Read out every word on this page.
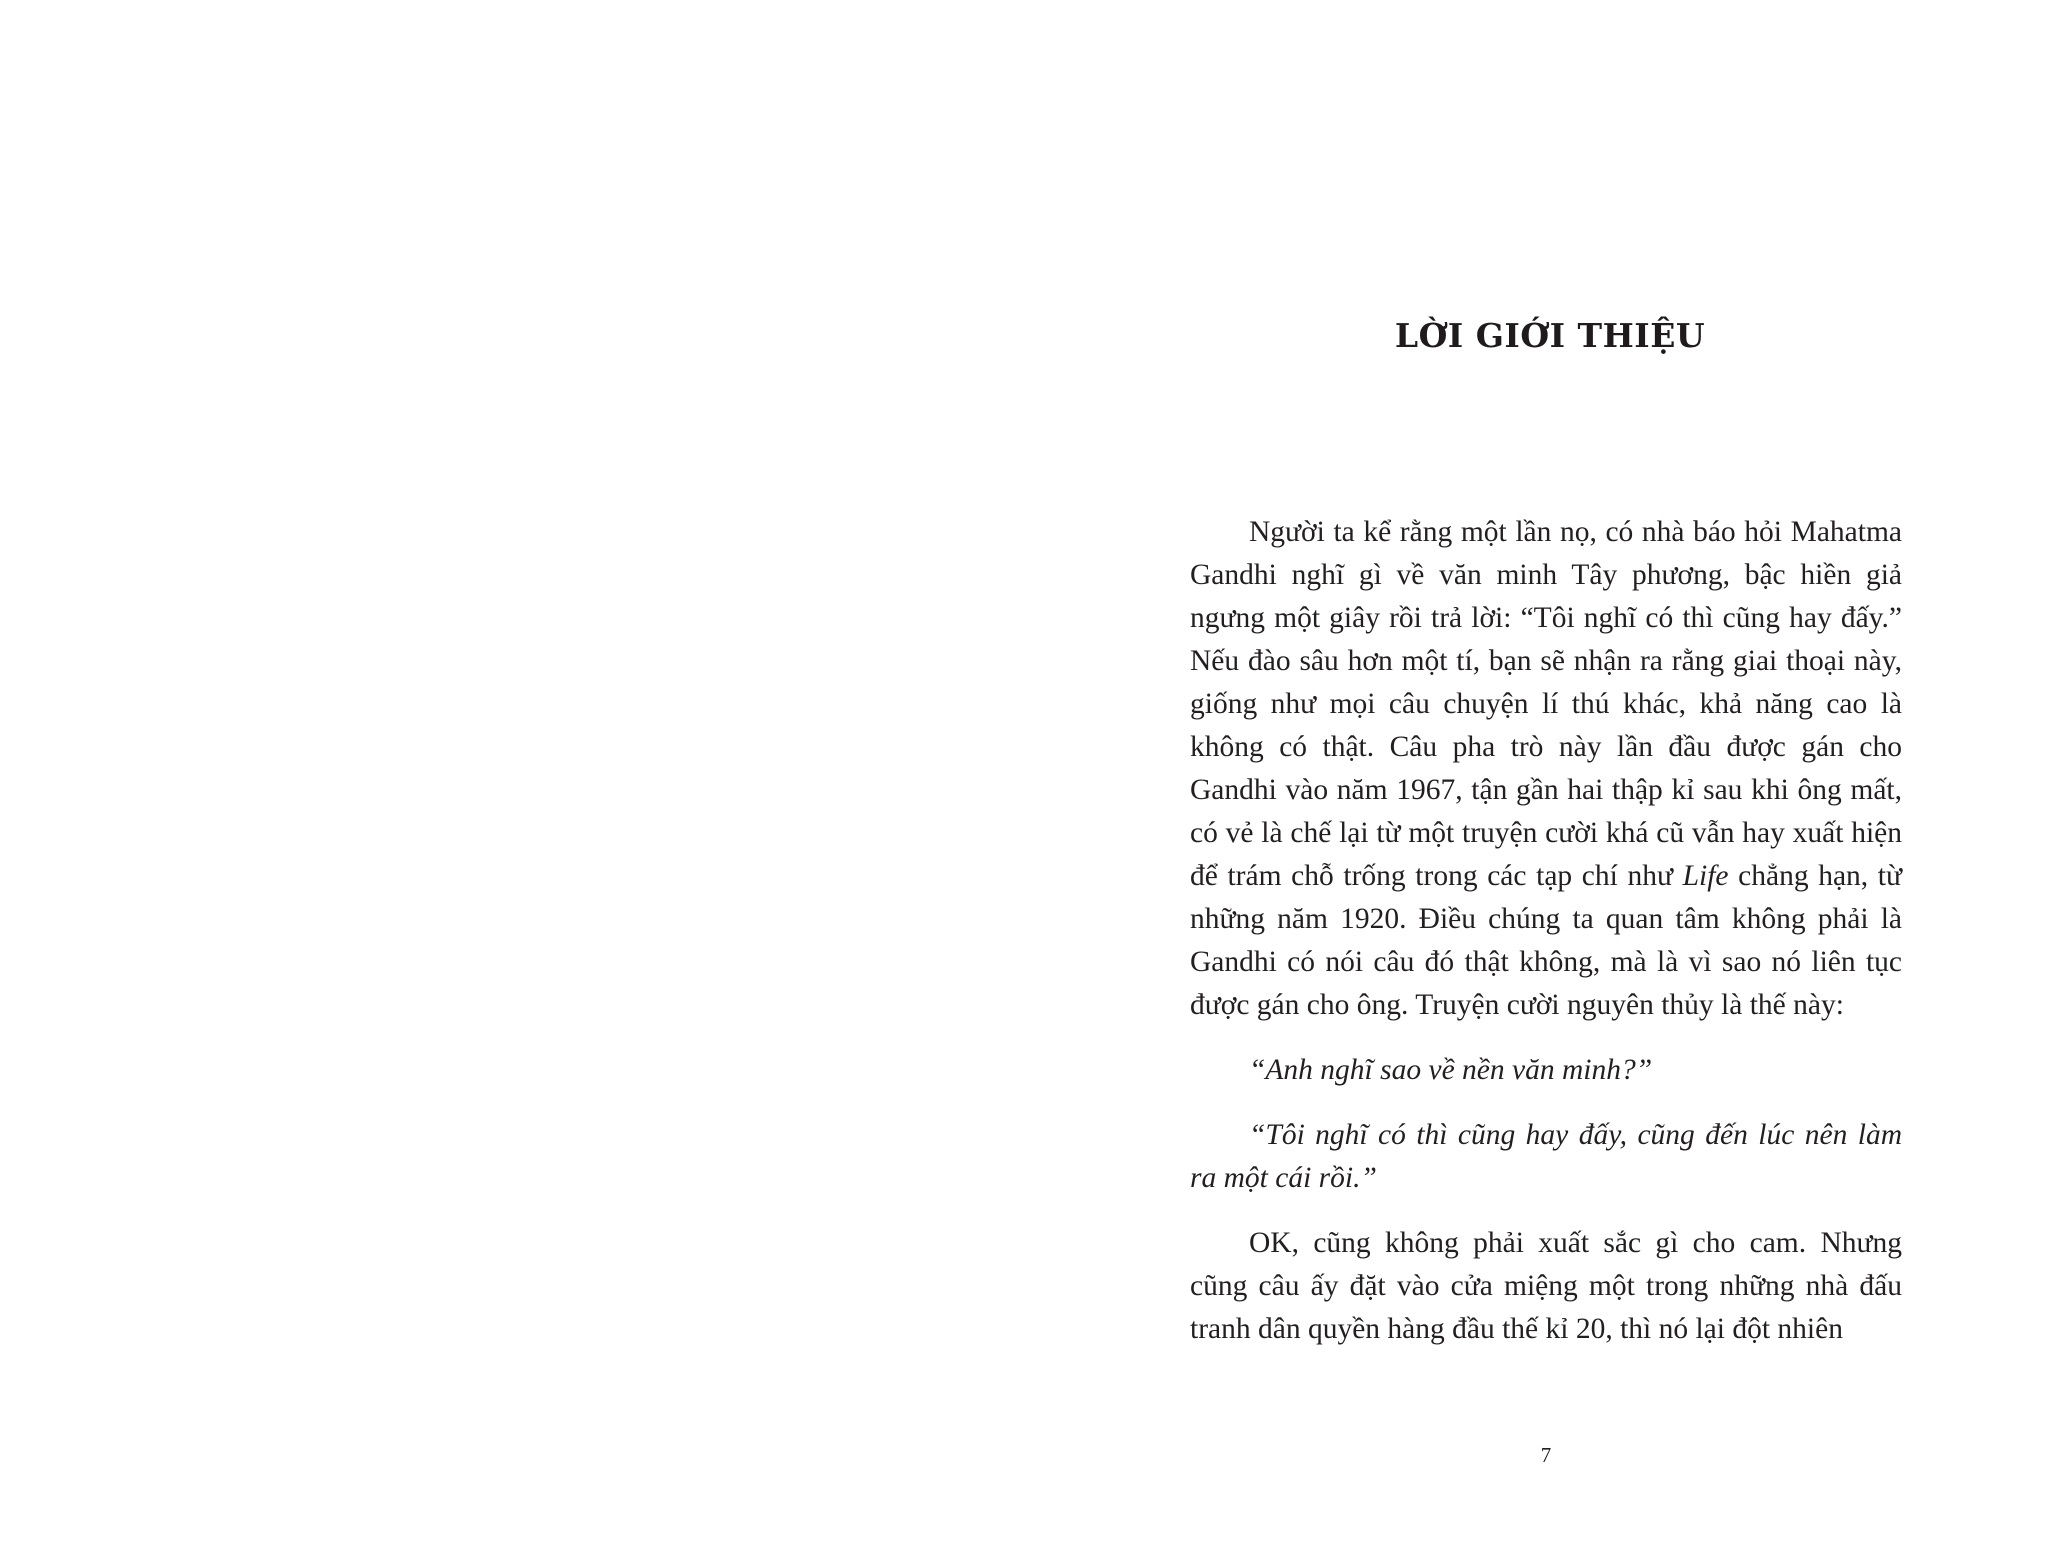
LỜI GIỚI THIỆU

Người ta kể rằng một lần nọ, có nhà báo hỏi Mahatma Gandhi nghĩ gì về văn minh Tây phương, bậc hiền giả ngưng một giây rồi trả lời: “Tôi nghĩ có thì cũng hay đấy.” Nếu đào sâu hơn một tí, bạn sẽ nhận ra rằng giai thoại này, giống như mọi câu chuyện lí thú khác, khả năng cao là không có thật. Câu pha trò này lần đầu được gán cho Gandhi vào năm 1967, tận gần hai thập kỉ sau khi ông mất, có vẻ là chế lại từ một truyện cười khá cũ vẫn hay xuất hiện để trám chỗ trống trong các tạp chí như Life chẳng hạn, từ những năm 1920. Điều chúng ta quan tâm không phải là Gandhi có nói câu đó thật không, mà là vì sao nó liên tục được gán cho ông. Truyện cười nguyên thủy là thế này:

“Anh nghĩ sao về nền văn minh?”

“Tôi nghĩ có thì cũng hay đấy, cũng đến lúc nên làm ra một cái rồi.”

OK, cũng không phải xuất sắc gì cho cam. Nhưng cũng câu ấy đặt vào cửa miệng một trong những nhà đấu tranh dân quyền hàng đầu thế kỉ 20, thì nó lại đột nhiên

7
